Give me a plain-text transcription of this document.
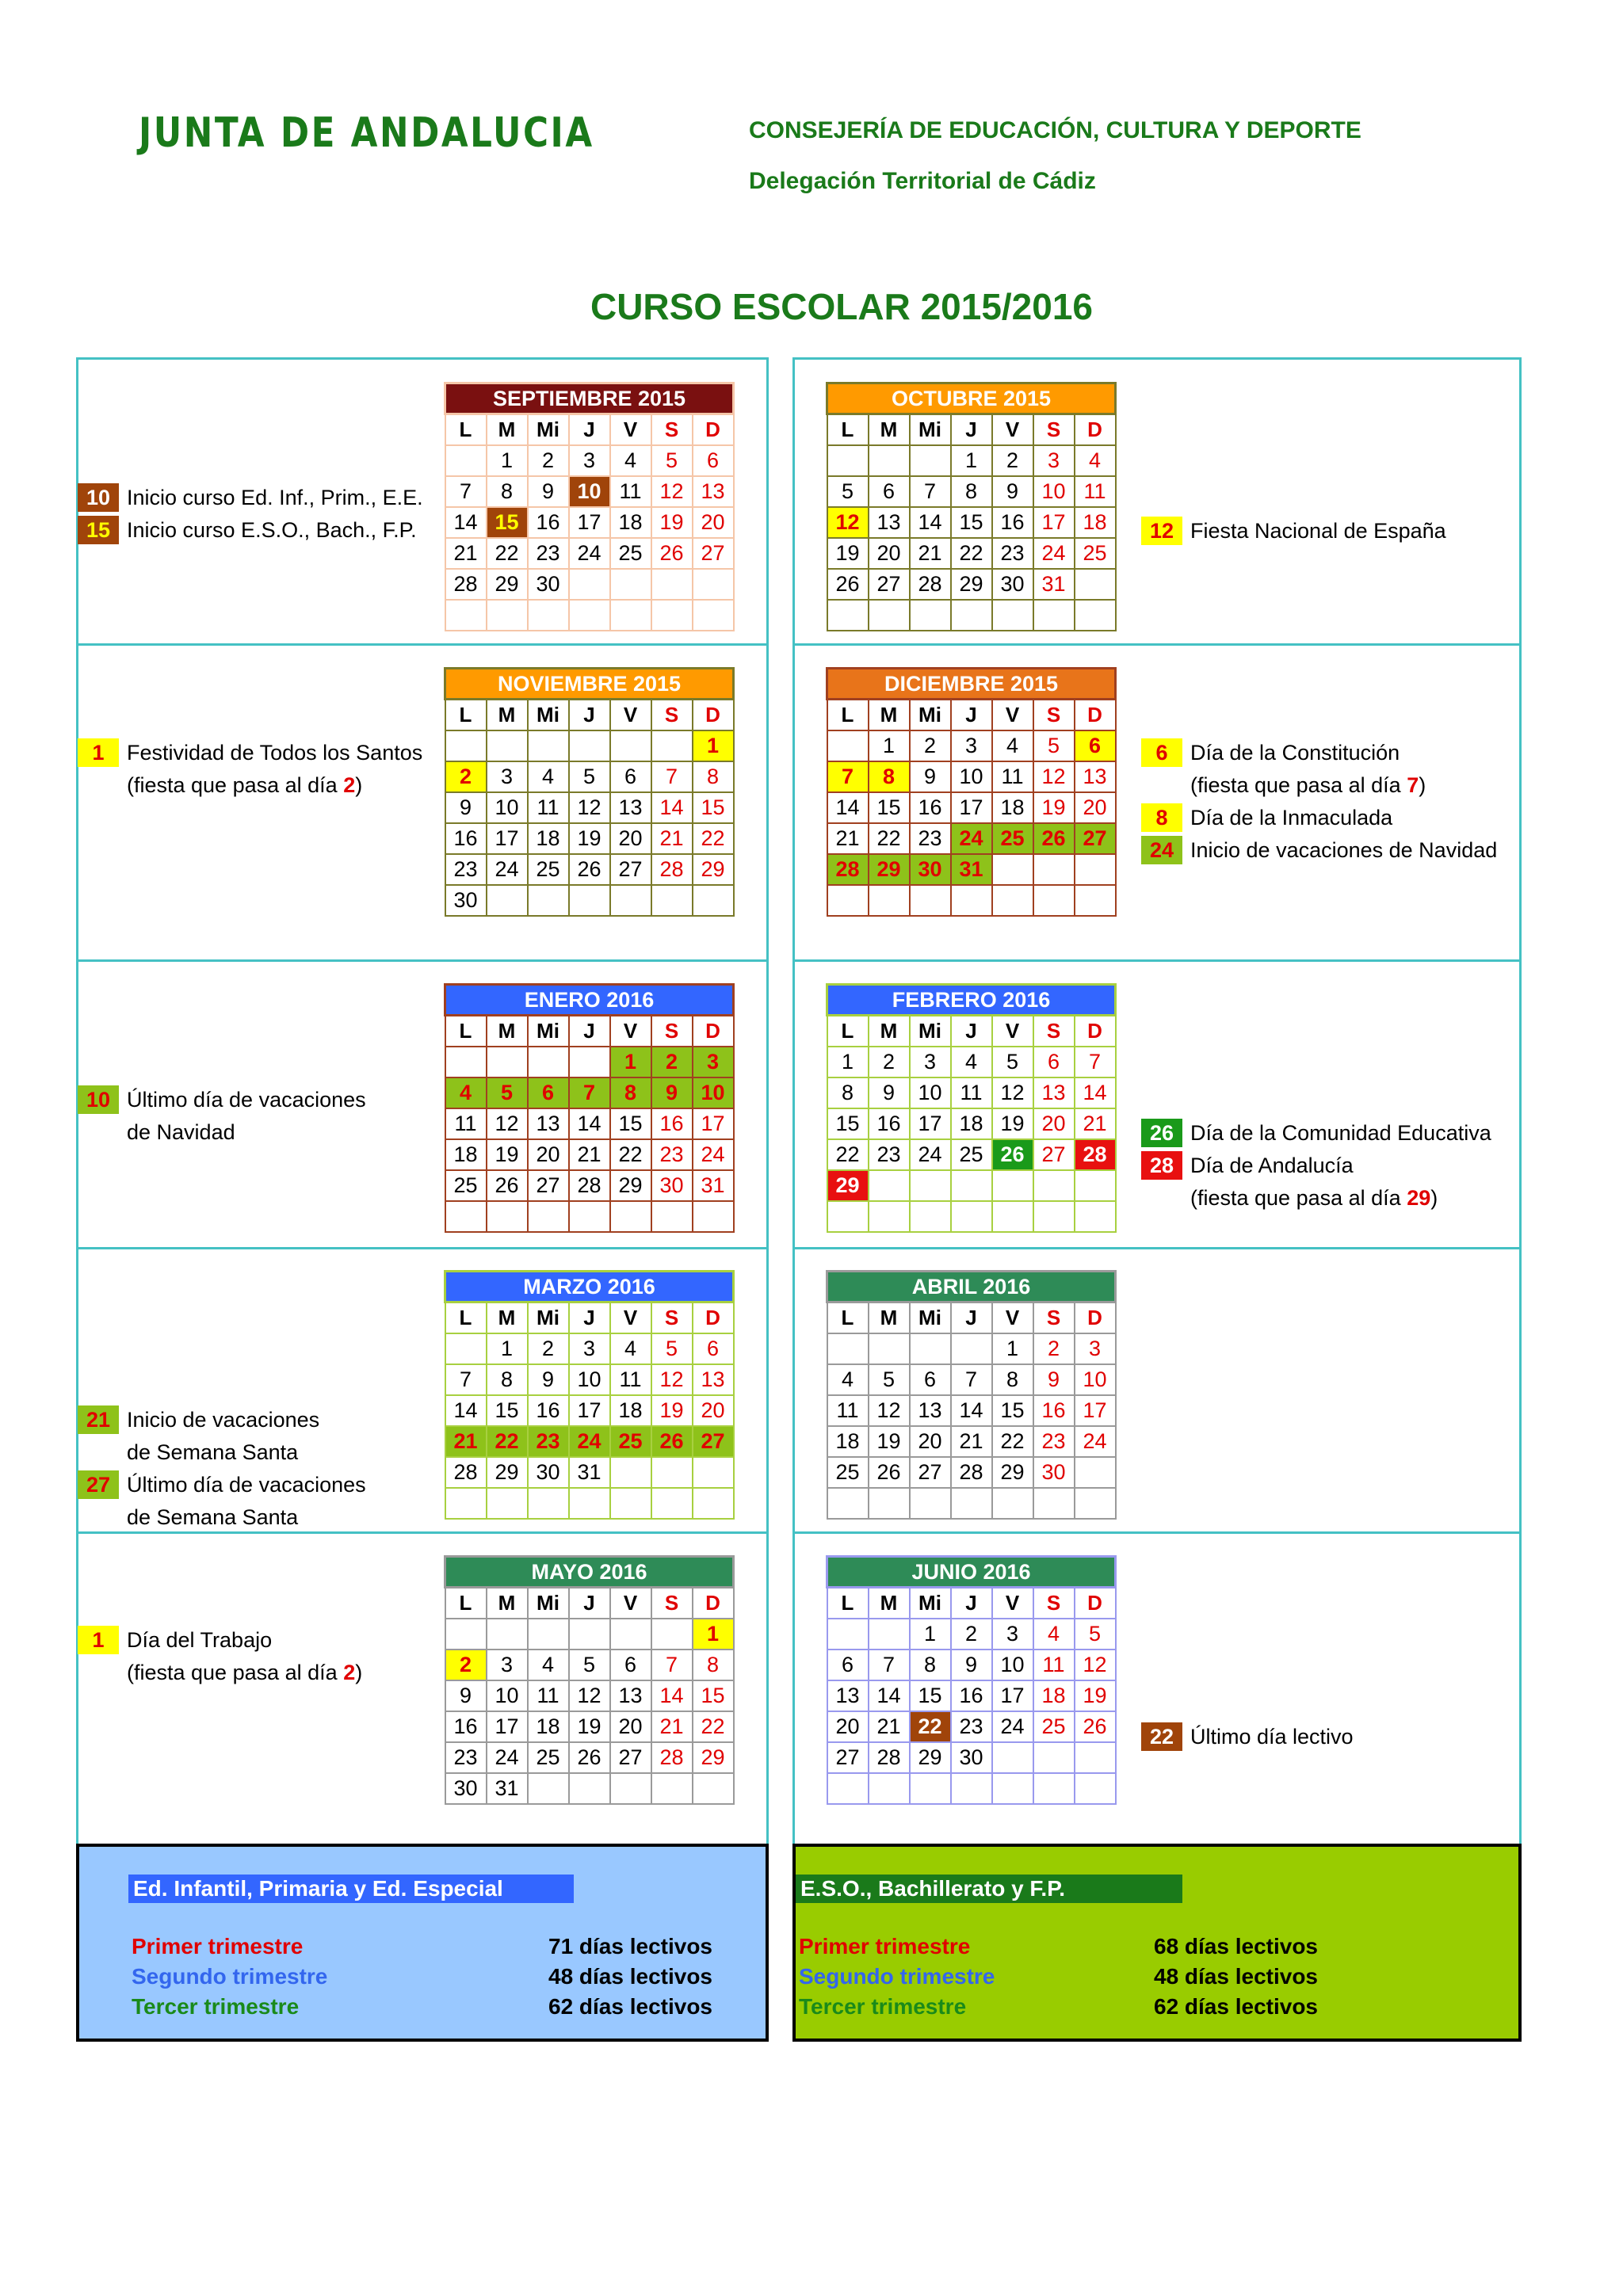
JUNTA DE ANDALUCIA	CONSEJERÍA DE EDUCACIÓN, CULTURA Y DEPORTE
Delegación Territorial de Cádiz
CURSO ESCOLAR 2015/2016
SEPTIEMBRE 2015						
L	M	Mi	J	V	S	D
	1	2	3	4	5	6
7	8	9	10	11	12	13
14	15	16	17	18	19	20
21	22	23	24	25	26	27
28	29	30				

OCTUBRE 2015						
L	M	Mi	J	V	S	D
			1	2	3	4
5	6	7	8	9	10	11
12	13	14	15	16	17	18
19	20	21	22	23	24	25
26	27	28	29	30	31	

NOVIEMBRE 2015						
L	M	Mi	J	V	S	D
						1
2	3	4	5	6	7	8
9	10	11	12	13	14	15
16	17	18	19	20	21	22
23	24	25	26	27	28	29
30						
DICIEMBRE 2015						
L	M	Mi	J	V	S	D
	1	2	3	4	5	6
7	8	9	10	11	12	13
14	15	16	17	18	19	20
21	22	23	24	25	26	27
28	29	30	31			

ENERO 2016						
L	M	Mi	J	V	S	D
				1	2	3
4	5	6	7	8	9	10
11	12	13	14	15	16	17
18	19	20	21	22	23	24
25	26	27	28	29	30	31

FEBRERO 2016						
L	M	Mi	J	V	S	D
1	2	3	4	5	6	7
8	9	10	11	12	13	14
15	16	17	18	19	20	21
22	23	24	25	26	27	28
29						

MARZO 2016						
L	M	Mi	J	V	S	D
	1	2	3	4	5	6
7	8	9	10	11	12	13
14	15	16	17	18	19	20
21	22	23	24	25	26	27
28	29	30	31			

ABRIL 2016						
L	M	Mi	J	V	S	D
				1	2	3
4	5	6	7	8	9	10
11	12	13	14	15	16	17
18	19	20	21	22	23	24
25	26	27	28	29	30	

MAYO 2016						
L	M	Mi	J	V	S	D
						1
2	3	4	5	6	7	8
9	10	11	12	13	14	15
16	17	18	19	20	21	22
23	24	25	26	27	28	29
30	31					
JUNIO 2016						
L	M	Mi	J	V	S	D
		1	2	3	4	5
6	7	8	9	10	11	12
13	14	15	16	17	18	19
20	21	22	23	24	25	26
27	28	29	30			

10 Inicio curso Ed. Inf., Prim., E.E.
15 Inicio curso E.S.O., Bach., F.P.	12 Fiesta Nacional de España
1	Festividad de Todos los Santos
(fiesta que pasa al día 2)
6	Día de la Constitución
(fiesta que pasa al día 7)
8	Día de la Inmaculada
24 Inicio de vacaciones de Navidad
10 Último día de vacaciones
de Navidad	26 Día de la Comunidad Educativa
28 Día de Andalucía
(fiesta que pasa al día 29)
21 Inicio de vacaciones
de Semana Santa
27 Último día de vacaciones
de Semana Santa
1	Día del Trabajo
(fiesta que pasa al día 2)
22 Último día lectivo
Ed. Infantil, Primaria y Ed. Especial
Primer trimestre	71 días lectivos
Segundo trimestre	48 días lectivos
Tercer trimestre	62 días lectivos
E.S.O., Bachillerato y F.P.
Primer trimestre	68 días lectivos
Segundo trimestre	48 días lectivos
Tercer trimestre	62 días lectivos
